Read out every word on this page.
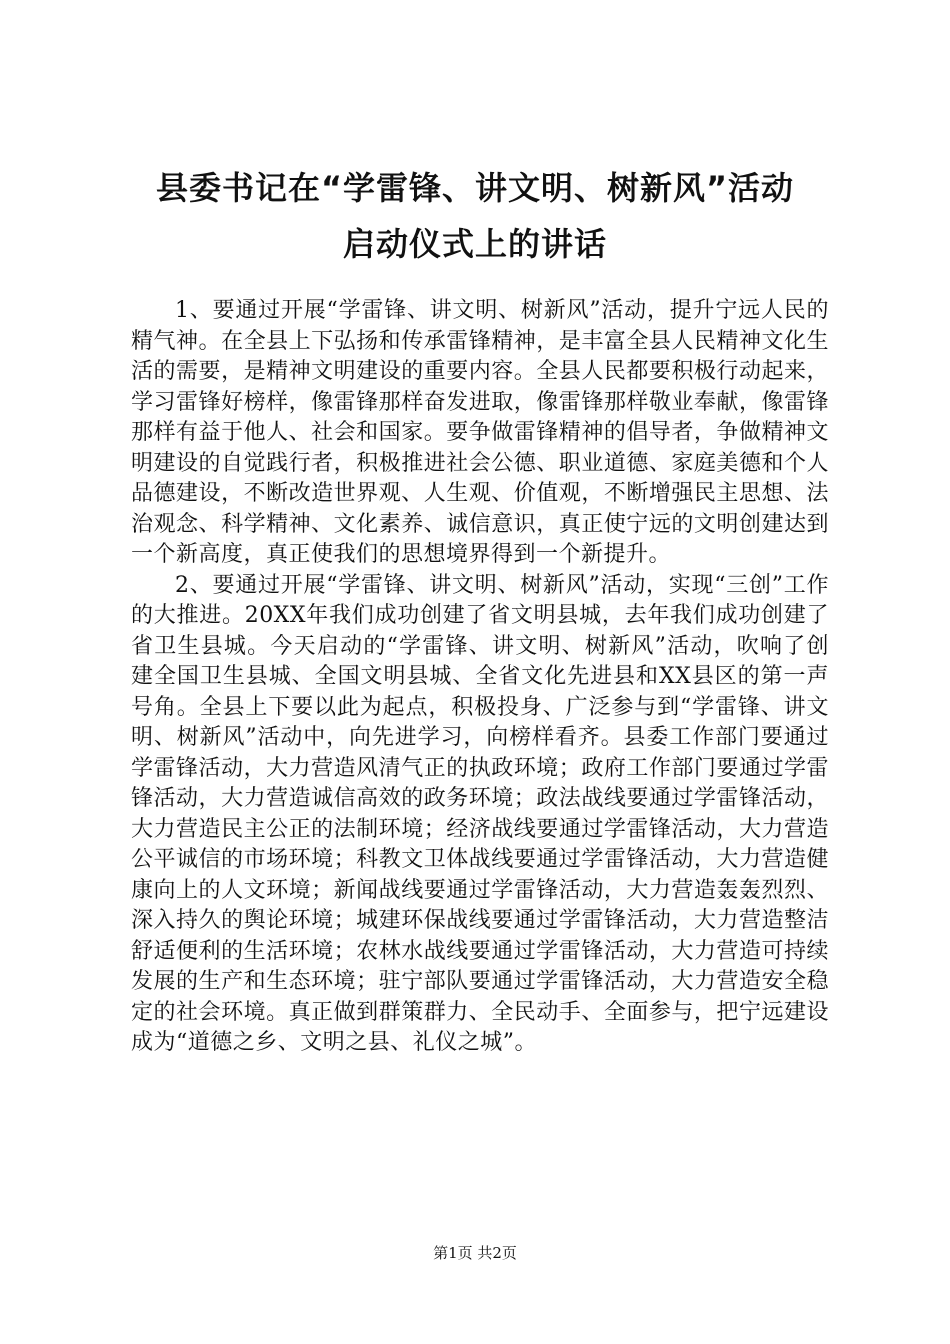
县委书记在“学雷锋、讲文明、树新风”活动
启动仪式上的讲话

1、要通过开展“学雷锋、讲文明、树新风”活动，提升宁远人民的精气神。在全县上下弘扬和传承雷锋精神，是丰富全县人民精神文化生活的需要，是精神文明建设的重要内容。全县人民都要积极行动起来，学习雷锋好榜样，像雷锋那样奋发进取，像雷锋那样敬业奉献，像雷锋那样有益于他人、社会和国家。要争做雷锋精神的倡导者，争做精神文明建设的自觉践行者，积极推进社会公德、职业道德、家庭美德和个人品德建设，不断改造世界观、人生观、价值观，不断增强民主思想、法治观念、科学精神、文化素养、诚信意识，真正使宁远的文明创建达到一个新高度，真正使我们的思想境界得到一个新提升。

2、要通过开展“学雷锋、讲文明、树新风”活动，实现“三创”工作的大推进。20XX年我们成功创建了省文明县城，去年我们成功创建了省卫生县城。今天启动的“学雷锋、讲文明、树新风”活动，吹响了创建全国卫生县城、全国文明县城、全省文化先进县和XX县区的第一声号角。全县上下要以此为起点，积极投身、广泛参与到“学雷锋、讲文明、树新风”活动中，向先进学习，向榜样看齐。县委工作部门要通过学雷锋活动，大力营造风清气正的执政环境；政府工作部门要通过学雷锋活动，大力营造诚信高效的政务环境；政法战线要通过学雷锋活动，大力营造民主公正的法制环境；经济战线要通过学雷锋活动，大力营造公平诚信的市场环境；科教文卫体战线要通过学雷锋活动，大力营造健康向上的人文环境；新闻战线要通过学雷锋活动，大力营造轰轰烈烈、深入持久的舆论环境；城建环保战线要通过学雷锋活动，大力营造整洁舒适便利的生活环境；农林水战线要通过学雷锋活动，大力营造可持续发展的生产和生态环境；驻宁部队要通过学雷锋活动，大力营造安全稳定的社会环境。真正做到群策群力、全民动手、全面参与，把宁远建设成为“道德之乡、文明之县、礼仪之城”。

第1页 共2页
